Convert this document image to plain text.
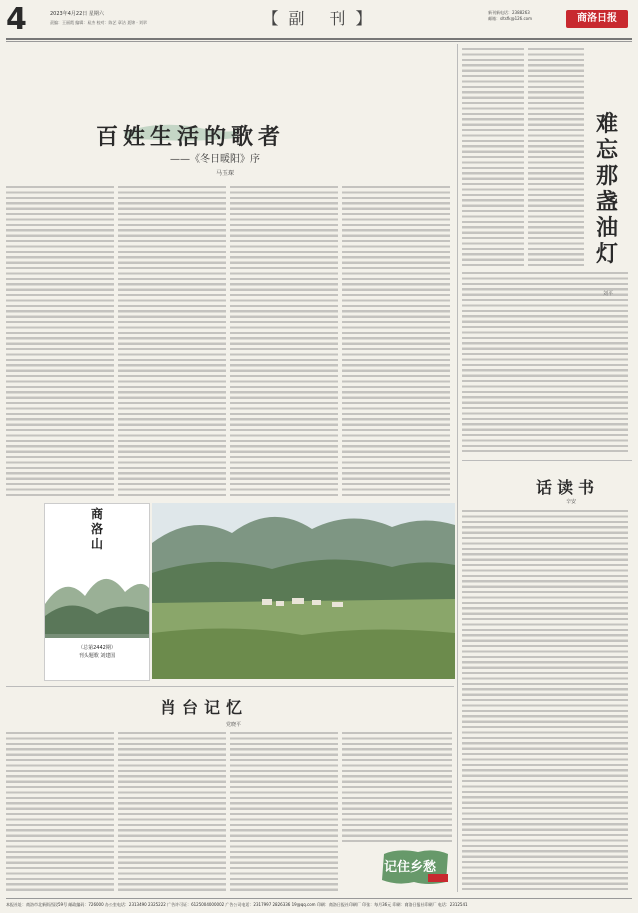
4	2023年4月22日 星期六
责编：王丽霞 编辑：易杰 校对：陈艺 章洁 聂锦 · 刘翠	【副 刊】	新刊新电话：2388263
邮箱：sltsfk@126.com	商洛日报
百姓生活的歌者
——《冬日暖阳》序
马玉琛
难忘那盏油灯
刘平
话读书
辛安
商洛山
（总第2442期）
刊头题歌 刘建国
肖台记忆
党晓平
记住乡愁
本报社址：商洛市北新街西段59号 邮政编码：726000 办公室电话：2313490 2325222 广告许可证：6125004000002 广告公司电话：2317997 2826336 19@qq.com 印刷：商洛日报社印刷厂 印张：每月36元 印刷：商洛日报社印刷厂 电话：2312541
